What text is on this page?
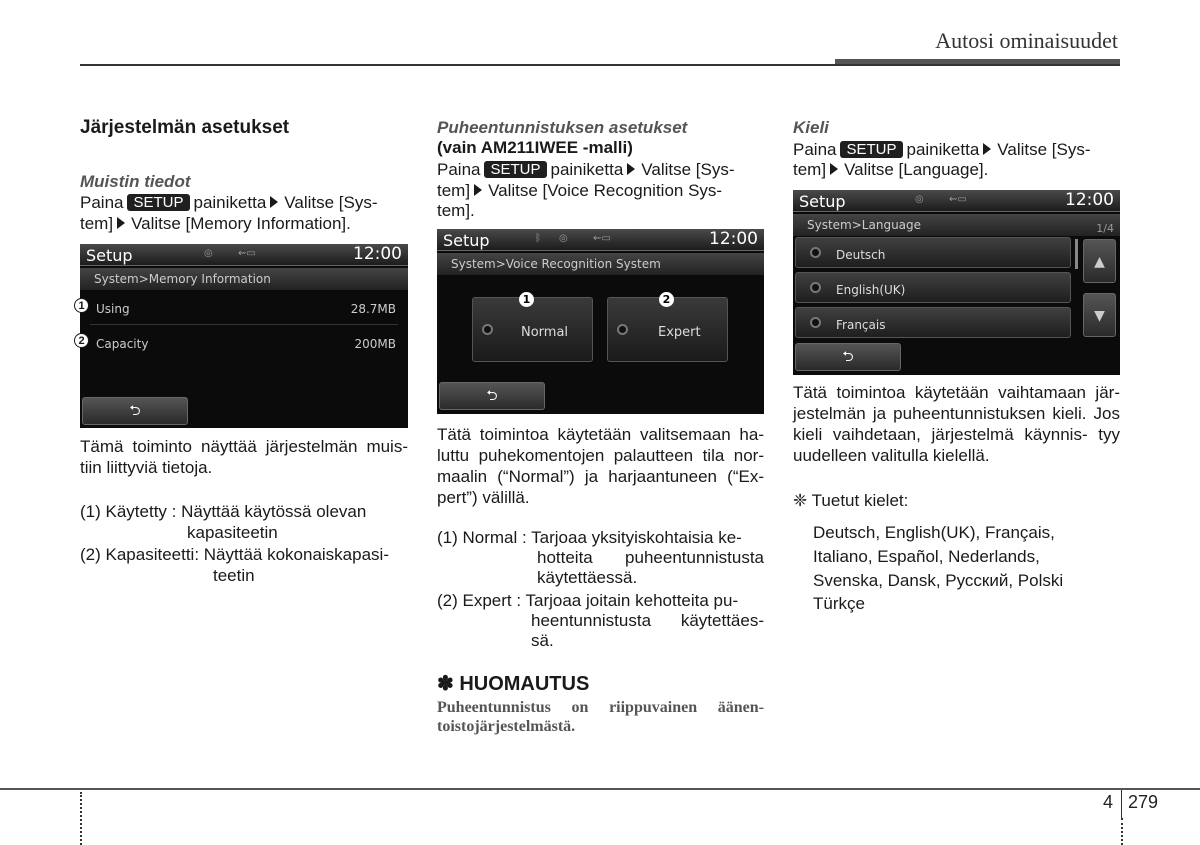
Autosi ominaisuudet
Järjestelmän asetukset
Muistin tiedot
Paina SETUP painiketta Valitse [Sys-
tem] Valitse [Memory Information].
Setup	◎	⇜▭	12:00
System>Memory Information
Using	28.7MB
Capacity	200MB
⮌
1
2
Tämä toiminto näyttää järjestelmän muis- tiin liittyviä tietoja.
(1) Käytetty : Näyttää käytössä olevan
kapasiteetin
(2) Kapasiteetti: Näyttää kokonaiskapasi-
teetin
Puheentunnistuksen asetukset
(vain AM211IWEE -malli)
Paina SETUP painiketta Valitse [Sys-
tem] Valitse [Voice Recognition Sys-
tem].
Setup	ᛒ ◎	⇜▭	12:00
System>Voice Recognition System
Normal	Expert
1	2
⮌
Tätä toimintoa käytetään valitsemaan ha- luttu puhekomentojen palautteen tila nor- maalin (“Normal”) ja harjaantuneen (“Ex- pert”) välillä.
(1) Normal : Tarjoaa yksityiskohtaisia ke-
hotteita puheentunnistusta
käytettäessä.
(2) Expert : Tarjoaa joitain kehotteita pu-
heentunnistusta käytettäes-
sä.
✽ HUOMAUTUS
Puheentunnistus on riippuvainen äänen- toistojärjestelmästä.
Kieli
Paina SETUP painiketta Valitse [Sys-
tem] Valitse [Language].
Setup	◎	⇜▭	12:00
System>Language	1/4
Deutsch
English(UK)
Français
▲
▼
⮌
Tätä toimintoa käytetään vaihtamaan jär- jestelmän ja puheentunnistuksen kieli. Jos kieli vaihdetaan, järjestelmä käynnis- tyy uudelleen valitulla kielellä.
❈ Tuetut kielet:
Deutsch, English(UK), Français,
Italiano, Español, Nederlands,
Svenska, Dansk, Русский, Polski
Türkçe
4 279
